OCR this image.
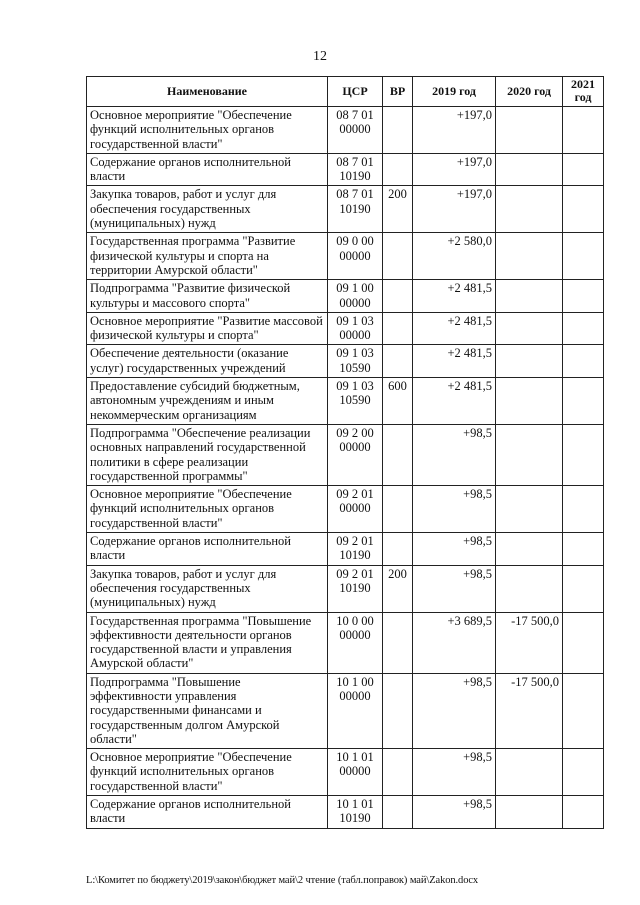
12
Наименование	ЦСР	ВР	2019 год	2020 год	2021 год
Основное мероприятие "Обеспечение функций исполнительных органов государственной власти"	08 7 01 00000		+197,0		
Содержание органов исполнительной власти	08 7 01 10190		+197,0		
Закупка товаров, работ и услуг для обеспечения государственных (муниципальных) нужд	08 7 01 10190	200	+197,0		
Государственная программа "Развитие физической культуры и спорта на территории Амурской области"	09 0 00 00000		+2 580,0		
Подпрограмма "Развитие физической культуры и массового спорта"	09 1 00 00000		+2 481,5		
Основное мероприятие "Развитие массовой физической культуры и спорта"	09 1 03 00000		+2 481,5		
Обеспечение деятельности (оказание услуг) государственных учреждений	09 1 03 10590		+2 481,5		
Предоставление субсидий бюджетным, автономным учреждениям и иным некоммерческим организациям	09 1 03 10590	600	+2 481,5		
Подпрограмма "Обеспечение реализации основных направлений государственной политики в сфере реализации государственной программы"	09 2 00 00000		+98,5		
Основное мероприятие "Обеспечение функций исполнительных органов государственной власти"	09 2 01 00000		+98,5		
Содержание органов исполнительной власти	09 2 01 10190		+98,5		
Закупка товаров, работ и услуг для обеспечения государственных (муниципальных) нужд	09 2 01 10190	200	+98,5		
Государственная программа "Повышение эффективности деятельности органов государственной власти и управления Амурской области"	10 0 00 00000		+3 689,5	-17 500,0	
Подпрограмма "Повышение эффективности управления государственными финансами и государственным долгом Амурской области"	10 1 00 00000		+98,5	-17 500,0	
Основное мероприятие "Обеспечение функций исполнительных органов государственной власти"	10 1 01 00000		+98,5		
Содержание органов исполнительной власти	10 1 01 10190		+98,5		
L:\Комитет по бюджету\2019\закон\бюджет май\2 чтение (табл.поправок) май\Zakon.docx
